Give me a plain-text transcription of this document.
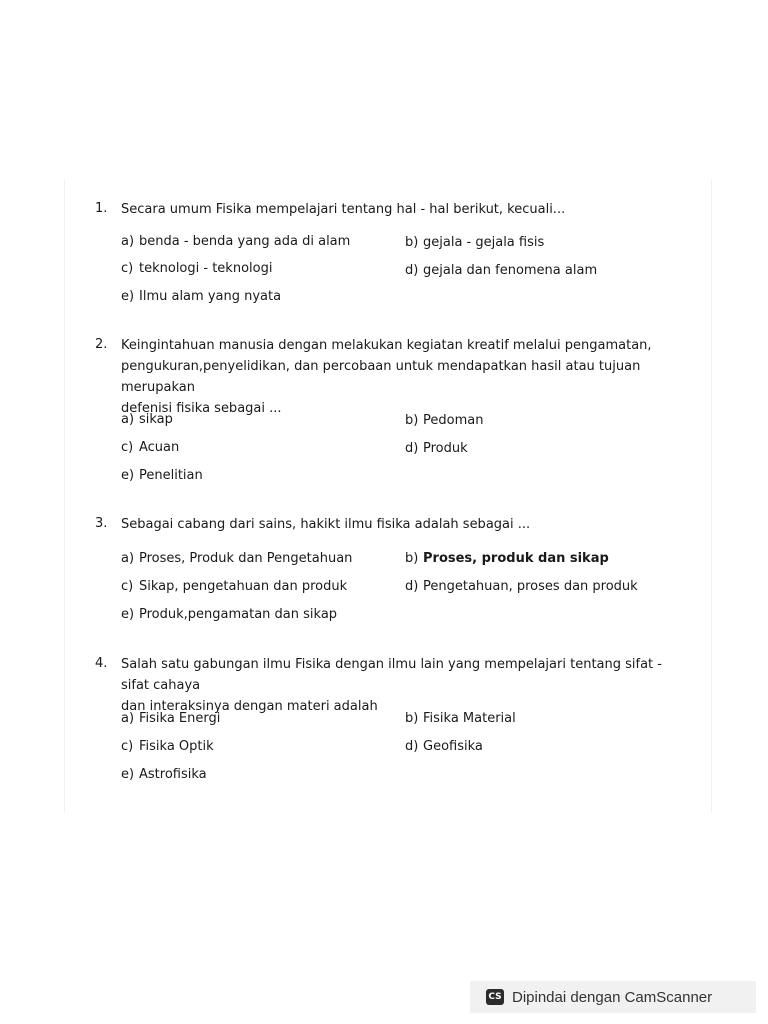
1. Secara umum Fisika mempelajari tentang hal - hal berikut, kecuali...
a) benda - benda yang ada di alam	b) gejala - gejala fisis
c) teknologi - teknologi	d) gejala dan fenomena alam
e) Ilmu alam yang nyata
2. Keingintahuan manusia dengan melakukan kegiatan kreatif melalui pengamatan,
pengukuran,penyelidikan, dan percobaan untuk mendapatkan hasil atau tujuan merupakan
defenisi fisika sebagai ...
a) sikap	b) Pedoman
c) Acuan	d) Produk
e) Penelitian
3. Sebagai cabang dari sains, hakikt ilmu fisika adalah sebagai ...
a) Proses, Produk dan Pengetahuan	b) Proses, produk dan sikap
c) Sikap, pengetahuan dan produk	d) Pengetahuan, proses dan produk
e) Produk,pengamatan dan sikap
4. Salah satu gabungan ilmu Fisika dengan ilmu lain yang mempelajari tentang sifat - sifat cahaya
dan interaksinya dengan materi adalah
a) Fisika Energi	b) Fisika Material
c) Fisika Optik	d) Geofisika
e) Astrofisika
CS Dipindai dengan CamScanner
